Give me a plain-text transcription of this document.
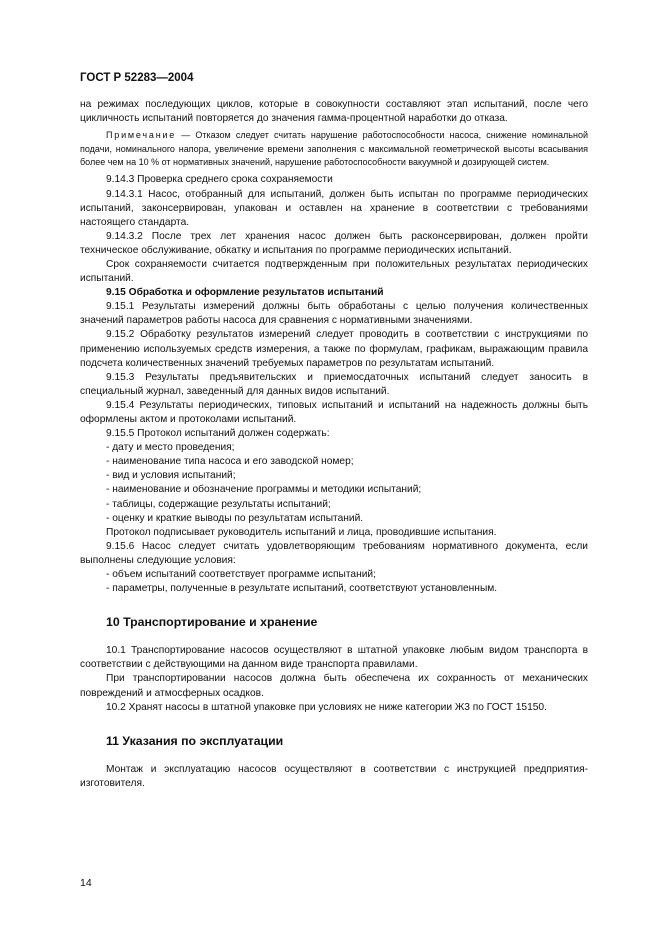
ГОСТ Р 52283—2004

на режимах последующих циклов, которые в совокупности составляют этап испытаний, после чего цикличность испытаний повторяется до значения гамма-процентной наработки до отказа.

Примечание — Отказом следует считать нарушение работоспособности насоса, снижение номинальной подачи, номинального напора, увеличение времени заполнения с максимальной геометрической высоты всасывания более чем на 10 % от нормативных значений, нарушение работоспособности вакуумной и дозирующей систем.

9.14.3 Проверка среднего срока сохраняемости

9.14.3.1 Насос, отобранный для испытаний, должен быть испытан по программе периодических испытаний, законсервирован, упакован и оставлен на хранение в соответствии с требованиями настоящего стандарта.

9.14.3.2 После трех лет хранения насос должен быть расконсервирован, должен пройти техническое обслуживание, обкатку и испытания по программе периодических испытаний.

Срок сохраняемости считается подтвержденным при положительных результатах периодических испытаний.

9.15 Обработка и оформление результатов испытаний

9.15.1 Результаты измерений должны быть обработаны с целью получения количественных значений параметров работы насоса для сравнения с нормативными значениями.

9.15.2 Обработку результатов измерений следует проводить в соответствии с инструкциями по применению используемых средств измерения, а также по формулам, графикам, выражающим правила подсчета количественных значений требуемых параметров по результатам испытаний.

9.15.3 Результаты предъявительских и приемосдаточных испытаний следует заносить в специальный журнал, заведенный для данных видов испытаний.

9.15.4 Результаты периодических, типовых испытаний и испытаний на надежность должны быть оформлены актом и протоколами испытаний.

9.15.5 Протокол испытаний должен содержать:

- дату и место проведения;

- наименование типа насоса и его заводской номер;

- вид и условия испытаний;

- наименование и обозначение программы и методики испытаний;

- таблицы, содержащие результаты испытаний;

- оценку и краткие выводы по результатам испытаний.

Протокол подписывает руководитель испытаний и лица, проводившие испытания.

9.15.6 Насос следует считать удовлетворяющим требованиям нормативного документа, если выполнены следующие условия:

- объем испытаний соответствует программе испытаний;

- параметры, полученные в результате испытаний, соответствуют установленным.

10 Транспортирование и хранение

10.1 Транспортирование насосов осуществляют в штатной упаковке любым видом транспорта в соответствии с действующими на данном виде транспорта правилами.

При транспортировании насосов должна быть обеспечена их сохранность от механических повреждений и атмосферных осадков.

10.2 Хранят насосы в штатной упаковке при условиях не ниже категории Ж3 по ГОСТ 15150.

11 Указания по эксплуатации

Монтаж и эксплуатацию насосов осуществляют в соответствии с инструкцией предприятия-изготовителя.

14
